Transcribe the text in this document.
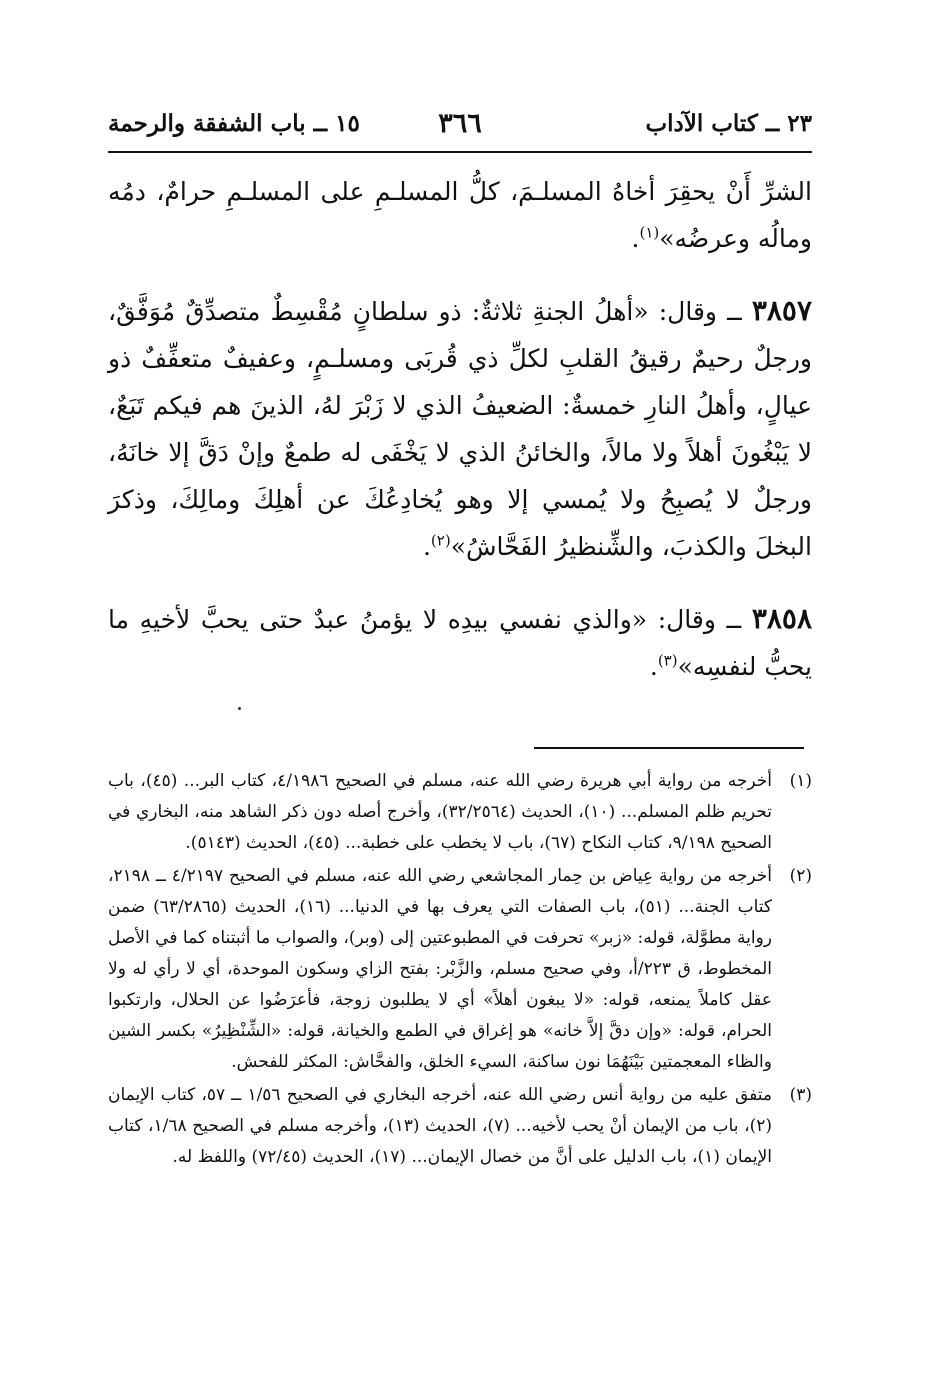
٢٣ ــ كتاب الآداب
٣٦٦
١٥ ــ باب الشفقة والرحمة

الشرِّ أَنْ يحقِرَ أخاهُ المسلـمَ، كلُّ المسلـمِ على المسلـمِ حرامٌ، دمُه ومالُه وعرضُه»$^{(١)}$.

٣٨٥٧ ــ وقال: «أهلُ الجنةِ ثلاثةٌ: ذو سلطانٍ مُقْسِطٌ متصدِّقٌ مُوَفَّقٌ، ورجلٌ رحيمٌ رقيقُ القلبِ لكلِّ ذي قُربَى ومسلـمٍ، وعفيفٌ متعفِّفٌ ذو عيالٍ، وأهلُ النارِ خمسةٌ: الضعيفُ الذي لا زَبْرَ لهُ، الذينَ هم فيكم تَبَعٌ، لا يَبْغُونَ أهلاً ولا مالاً، والخائنُ الذي لا يَخْفَى له طمعٌ وإنْ دَقَّ إلا خانَهُ، ورجلٌ لا يُصبِحُ ولا يُمسي إلا وهو يُخادِعُكَ عن أهلِكَ ومالِكَ، وذكرَ البخلَ والكذبَ، والشِّنظيرُ الفَحَّاشُ»$^{(٢)}$.

٣٨٥٨ ــ وقال: «والذي نفسي بيدِه لا يؤمنُ عبدٌ حتى يحبَّ لأخيهِ ما يحبُّ لنفسِه»$^{(٣)}$.

(١)
أخرجه من رواية أبي هريرة رضي الله عنه، مسلم في الصحيح ٤/١٩٨٦، كتاب البر... (٤٥)، باب تحريم ظلم المسلم... (١٠)، الحديث (٣٢/٢٥٦٤)، وأخرج أصله دون ذكر الشاهد منه، البخاري في الصحيح ٩/١٩٨، كتاب النكاح (٦٧)، باب لا يخطب على خطبة... (٤٥)، الحديث (٥١٤٣).
(٢)
أخرجه من رواية عِياض بن حِمار المجاشعي رضي الله عنه، مسلم في الصحيح ٤/٢١٩٧ ــ ٢١٩٨، كتاب الجنة... (٥١)، باب الصفات التي يعرف بها في الدنيا... (١٦)، الحديث (٦٣/٢٨٦٥) ضمن رواية مطوَّلة، قوله: «زبر» تحرفت في المطبوعتين إلى (وبر)، والصواب ما أثبتناه كما في الأصل المخطوط، ق ٢٢٣/أ، وفي صحيح مسلم، والزَّبْر: بفتح الزاي وسكون الموحدة، أي لا رأي له ولا عقل كاملاً يمنعه، قوله: «لا يبغون أهلاً» أي لا يطلبون زوجة، فأعرَضُوا عن الحلال، وارتكبوا الحرام، قوله: «وإن دقَّ إلاَّ خانه» هو إغراق في الطمع والخيانة، قوله: «الشِّنْظِيرُ» بكسر الشين والظاء المعجمتين بَيْنَهُمَا نون ساكنة، السيء الخلق، والفحَّاش: المكثر للفحش.
(٣)
متفق عليه من رواية أنس رضي الله عنه، أخرجه البخاري في الصحيح ١/٥٦ ــ ٥٧، كتاب الإيمان (٢)، باب من الإيمان أنْ يحب لأخيه... (٧)، الحديث (١٣)، وأخرجه مسلم في الصحيح ١/٦٨، كتاب الإيمان (١)، باب الدليل على أنَّ من خصال الإيمان... (١٧)، الحديث (٧٢/٤٥) واللفظ له.
